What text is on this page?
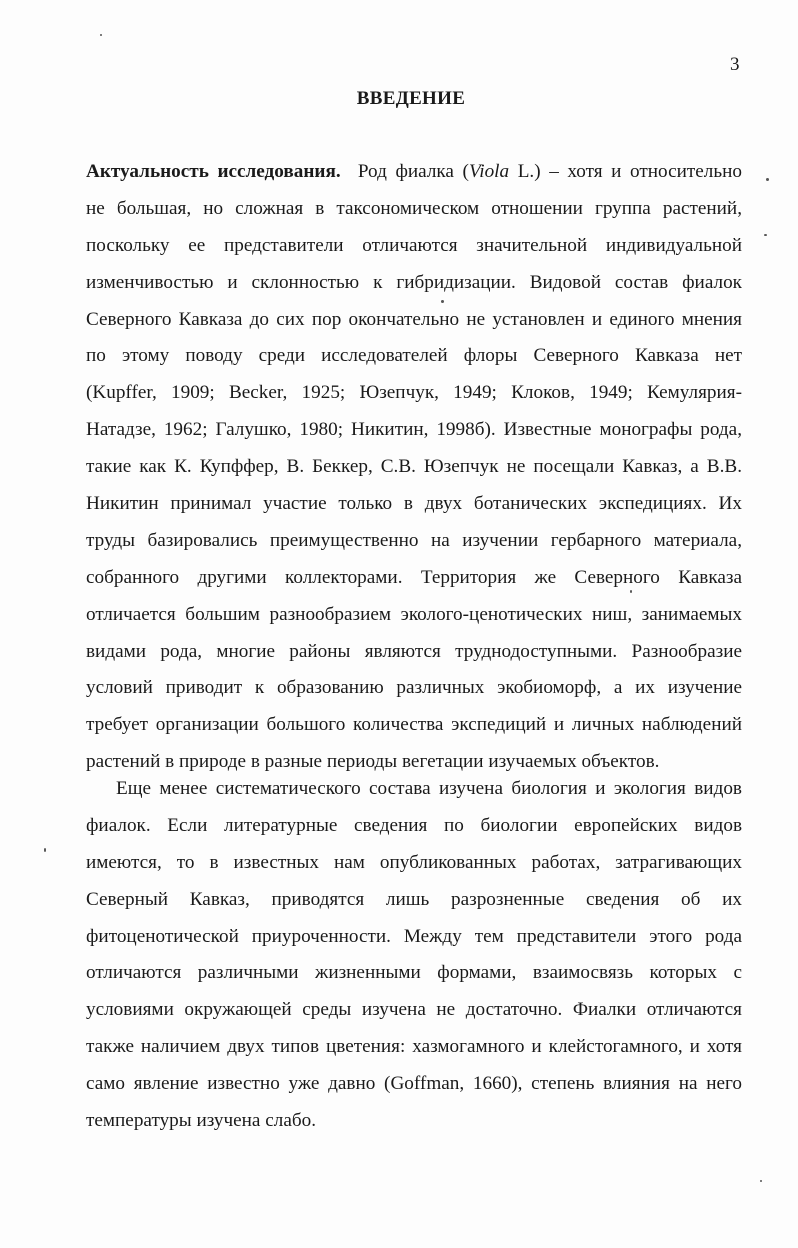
3
ВВЕДЕНИЕ
Актуальность исследования. Род фиалка (Viola L.) – хотя и относительно
не большая, но сложная в таксономическом отношении группа растений,
поскольку ее представители отличаются значительной индивидуальной
изменчивостью и склонностью к гибридизации. Видовой состав фиалок
Северного Кавказа до сих пор окончательно не установлен и единого мнения
по этому поводу среди исследователей флоры Северного Кавказа нет
(Kupffer, 1909; Becker, 1925; Юзепчук, 1949; Клоков, 1949; Кемулярия-
Натадзе, 1962; Галушко, 1980; Никитин, 1998б). Известные монографы рода,
такие как К. Купффер, В. Беккер, С.В. Юзепчук не посещали Кавказ, а В.В.
Никитин принимал участие только в двух ботанических экспедициях. Их
труды базировались преимущественно на изучении гербарного материала,
собранного другими коллекторами. Территория же Северного Кавказа
отличается большим разнообразием эколого-ценотических ниш, занимаемых
видами рода, многие районы являются труднодоступными. Разнообразие
условий приводит к образованию различных экобиоморф, а их изучение
требует организации большого количества экспедиций и личных наблюдений
растений в природе в разные периоды вегетации изучаемых объектов.
Еще менее систематического состава изучена биология и экология видов
фиалок. Если литературные сведения по биологии европейских видов
имеются, то в известных нам опубликованных работах, затрагивающих
Северный Кавказ, приводятся лишь разрозненные сведения об их
фитоценотической приуроченности. Между тем представители этого рода
отличаются различными жизненными формами, взаимосвязь которых с
условиями окружающей среды изучена не достаточно. Фиалки отличаются
также наличием двух типов цветения: хазмогамного и клейстогамного, и хотя
само явление известно уже давно (Goffman, 1660), степень влияния на него
температуры изучена слабо.
